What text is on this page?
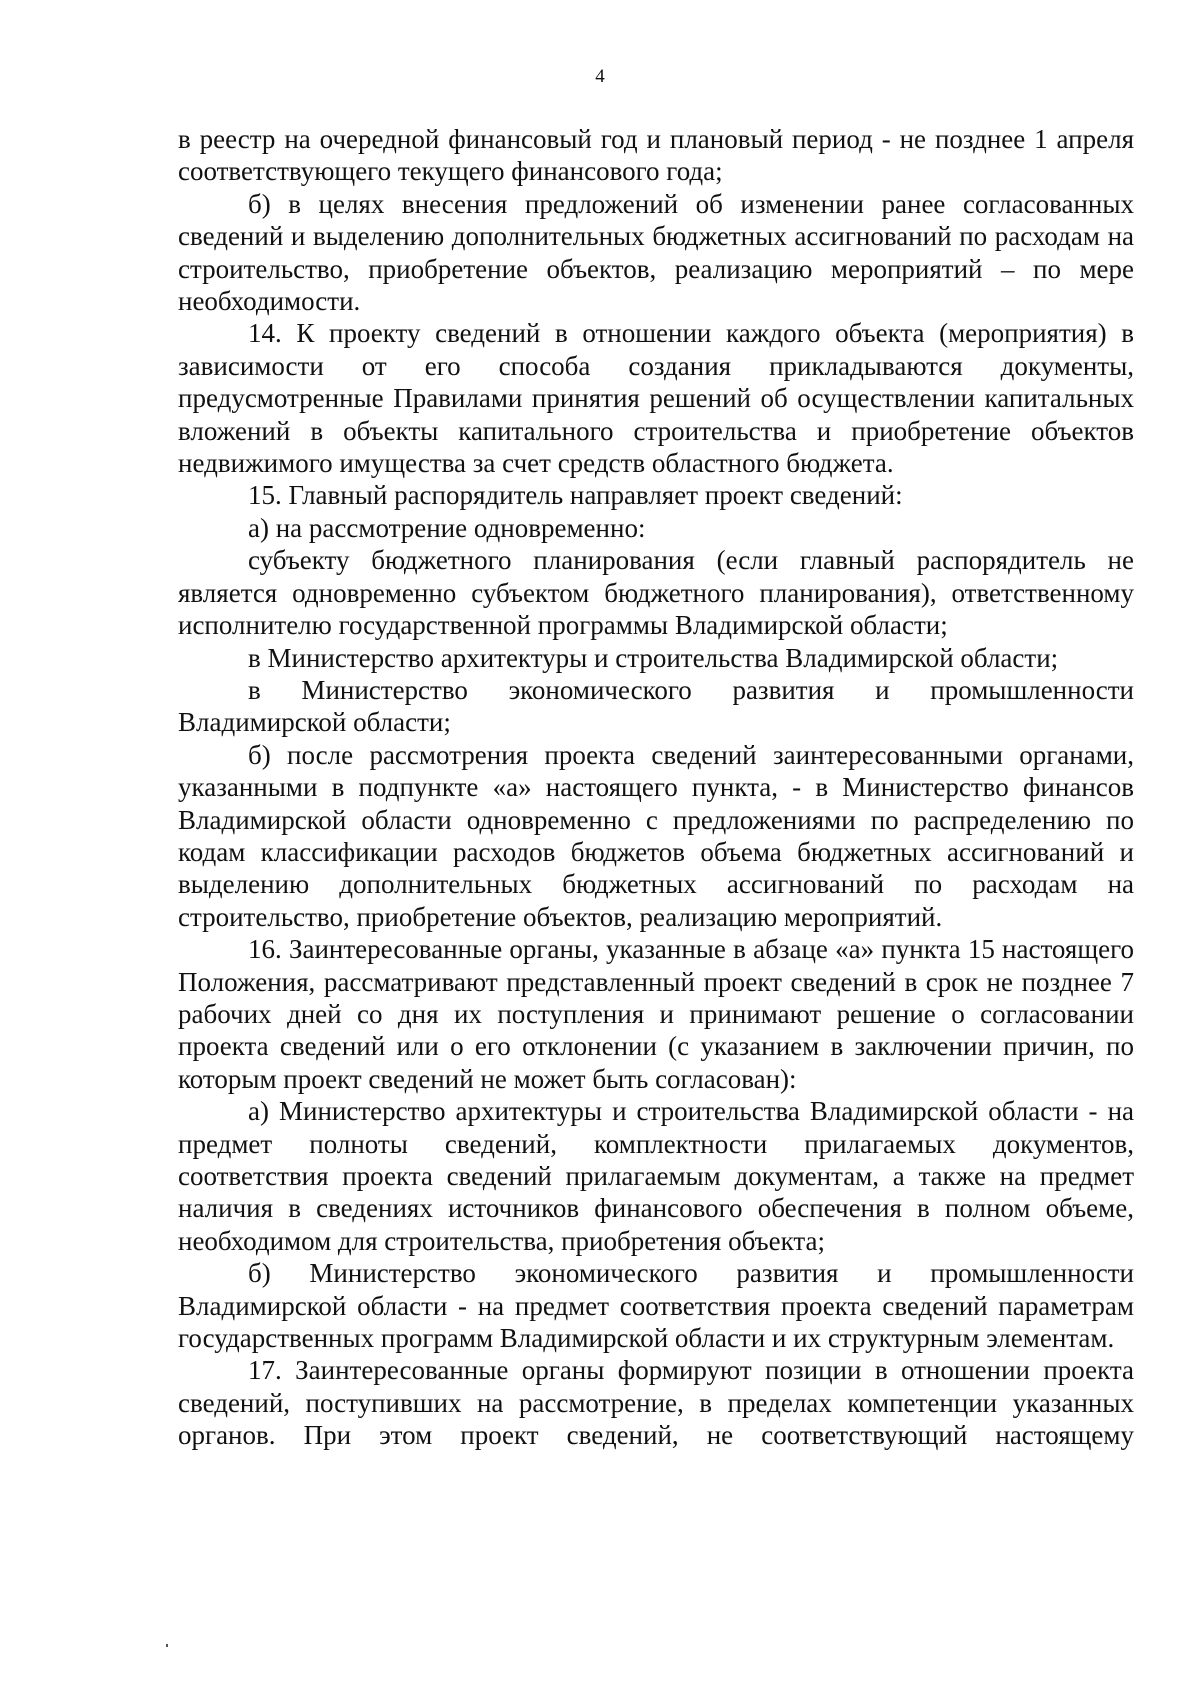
4

в реестр на очередной финансовый год и плановый период - не позднее 1 апреля соответствующего текущего финансового года;

б) в целях внесения предложений об изменении ранее согласованных сведений и выделению дополнительных бюджетных ассигнований по расходам на строительство, приобретение объектов, реализацию мероприятий – по мере необходимости.

14. К проекту сведений в отношении каждого объекта (мероприятия) в зависимости от его способа создания прикладываются документы, предусмотренные Правилами принятия решений об осуществлении капитальных вложений в объекты капитального строительства и приобретение объектов недвижимого имущества за счет средств областного бюджета.

15. Главный распорядитель направляет проект сведений:

а) на рассмотрение одновременно:

субъекту бюджетного планирования (если главный распорядитель не является одновременно субъектом бюджетного планирования), ответственному исполнителю государственной программы Владимирской области;

в Министерство архитектуры и строительства Владимирской области;

в Министерство экономического развития и промышленности Владимирской области;

б) после рассмотрения проекта сведений заинтересованными органами, указанными в подпункте «а» настоящего пункта, - в Министерство финансов Владимирской области одновременно с предложениями по распределению по кодам классификации расходов бюджетов объема бюджетных ассигнований и выделению дополнительных бюджетных ассигнований по расходам на строительство, приобретение объектов, реализацию мероприятий.

16. Заинтересованные органы, указанные в абзаце «а» пункта 15 настоящего Положения, рассматривают представленный проект сведений в срок не позднее 7 рабочих дней со дня их поступления и принимают решение о согласовании проекта сведений или о его отклонении (с указанием в заключении причин, по которым проект сведений не может быть согласован):

а) Министерство архитектуры и строительства Владимирской области - на предмет полноты сведений, комплектности прилагаемых документов, соответствия проекта сведений прилагаемым документам, а также на предмет наличия в сведениях источников финансового обеспечения в полном объеме, необходимом для строительства, приобретения объекта;

б) Министерство экономического развития и промышленности Владимирской области - на предмет соответствия проекта сведений параметрам государственных программ Владимирской области и их структурным элементам.

17. Заинтересованные органы формируют позиции в отношении проекта сведений, поступивших на рассмотрение, в пределах компетенции указанных органов. При этом проект сведений, не соответствующий настоящему
